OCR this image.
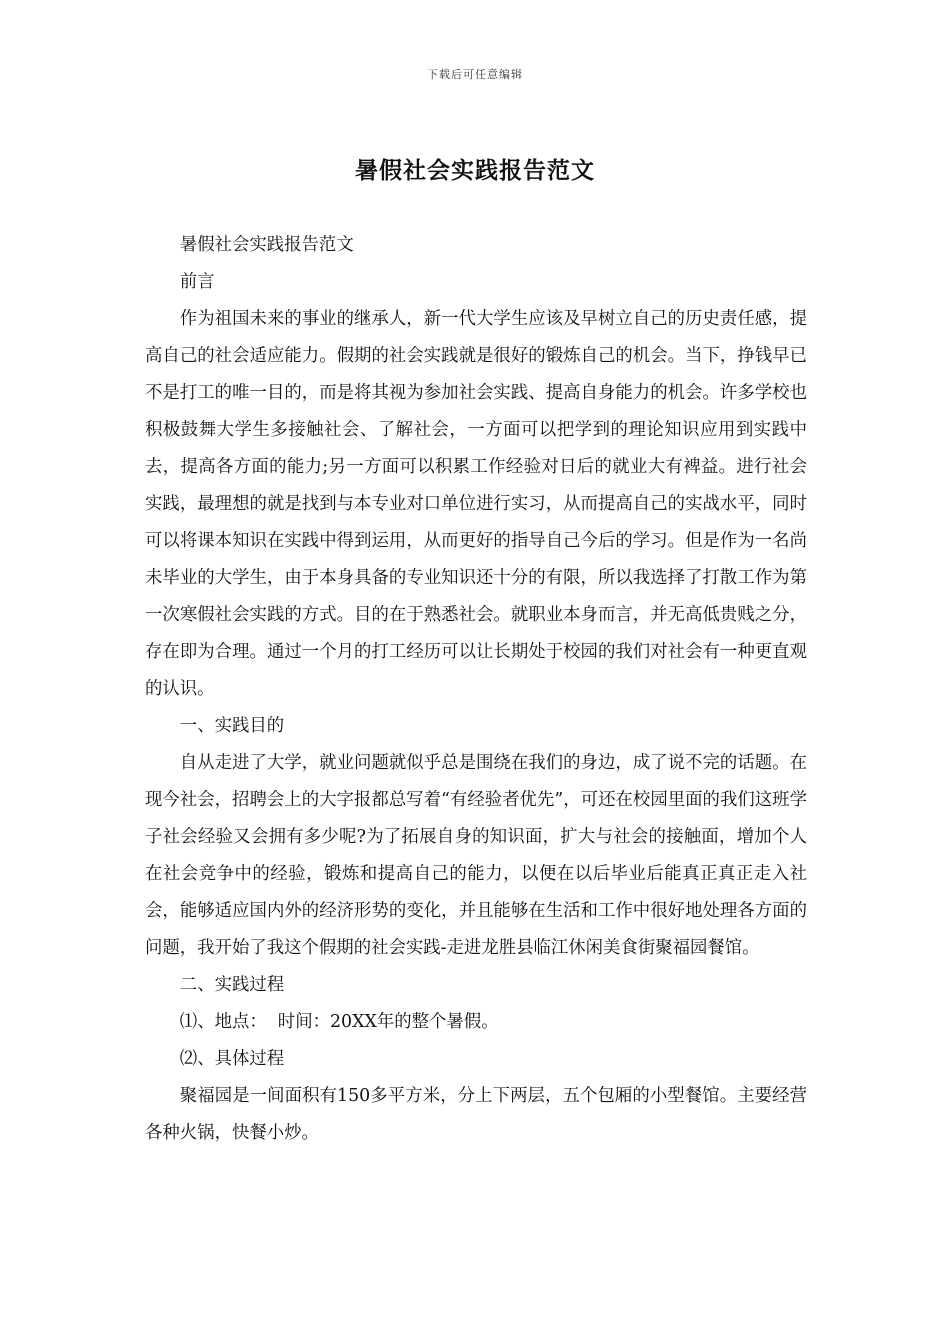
下载后可任意编辑
暑假社会实践报告范文

暑假社会实践报告范文

前言

作为祖国未来的事业的继承人，新一代大学生应该及早树立自己的历史责任感，提高自己的社会适应能力。假期的社会实践就是很好的锻炼自己的机会。当下，挣钱早已不是打工的唯一目的，而是将其视为参加社会实践、提高自身能力的机会。许多学校也积极鼓舞大学生多接触社会、了解社会，一方面可以把学到的理论知识应用到实践中去，提高各方面的能力;另一方面可以积累工作经验对日后的就业大有裨益。进行社会实践，最理想的就是找到与本专业对口单位进行实习，从而提高自己的实战水平，同时可以将课本知识在实践中得到运用，从而更好的指导自己今后的学习。但是作为一名尚未毕业的大学生，由于本身具备的专业知识还十分的有限，所以我选择了打散工作为第一次寒假社会实践的方式。目的在于熟悉社会。就职业本身而言，并无高低贵贱之分，存在即为合理。通过一个月的打工经历可以让长期处于校园的我们对社会有一种更直观的认识。

一、实践目的

自从走进了大学，就业问题就似乎总是围绕在我们的身边，成了说不完的话题。在现今社会，招聘会上的大字报都总写着“有经验者优先”，可还在校园里面的我们这班学子社会经验又会拥有多少呢?为了拓展自身的知识面，扩大与社会的接触面，增加个人在社会竞争中的经验，锻炼和提高自己的能力，以便在以后毕业后能真正真正走入社会，能够适应国内外的经济形势的变化，并且能够在生活和工作中很好地处理各方面的问题，我开始了我这个假期的社会实践-走进龙胜县临江休闲美食街聚福园餐馆。

二、实践过程

⑴、地点：  时间：20XX年的整个暑假。

⑵、具体过程

聚福园是一间面积有150多平方米，分上下两层，五个包厢的小型餐馆。主要经营各种火锅，快餐小炒。
